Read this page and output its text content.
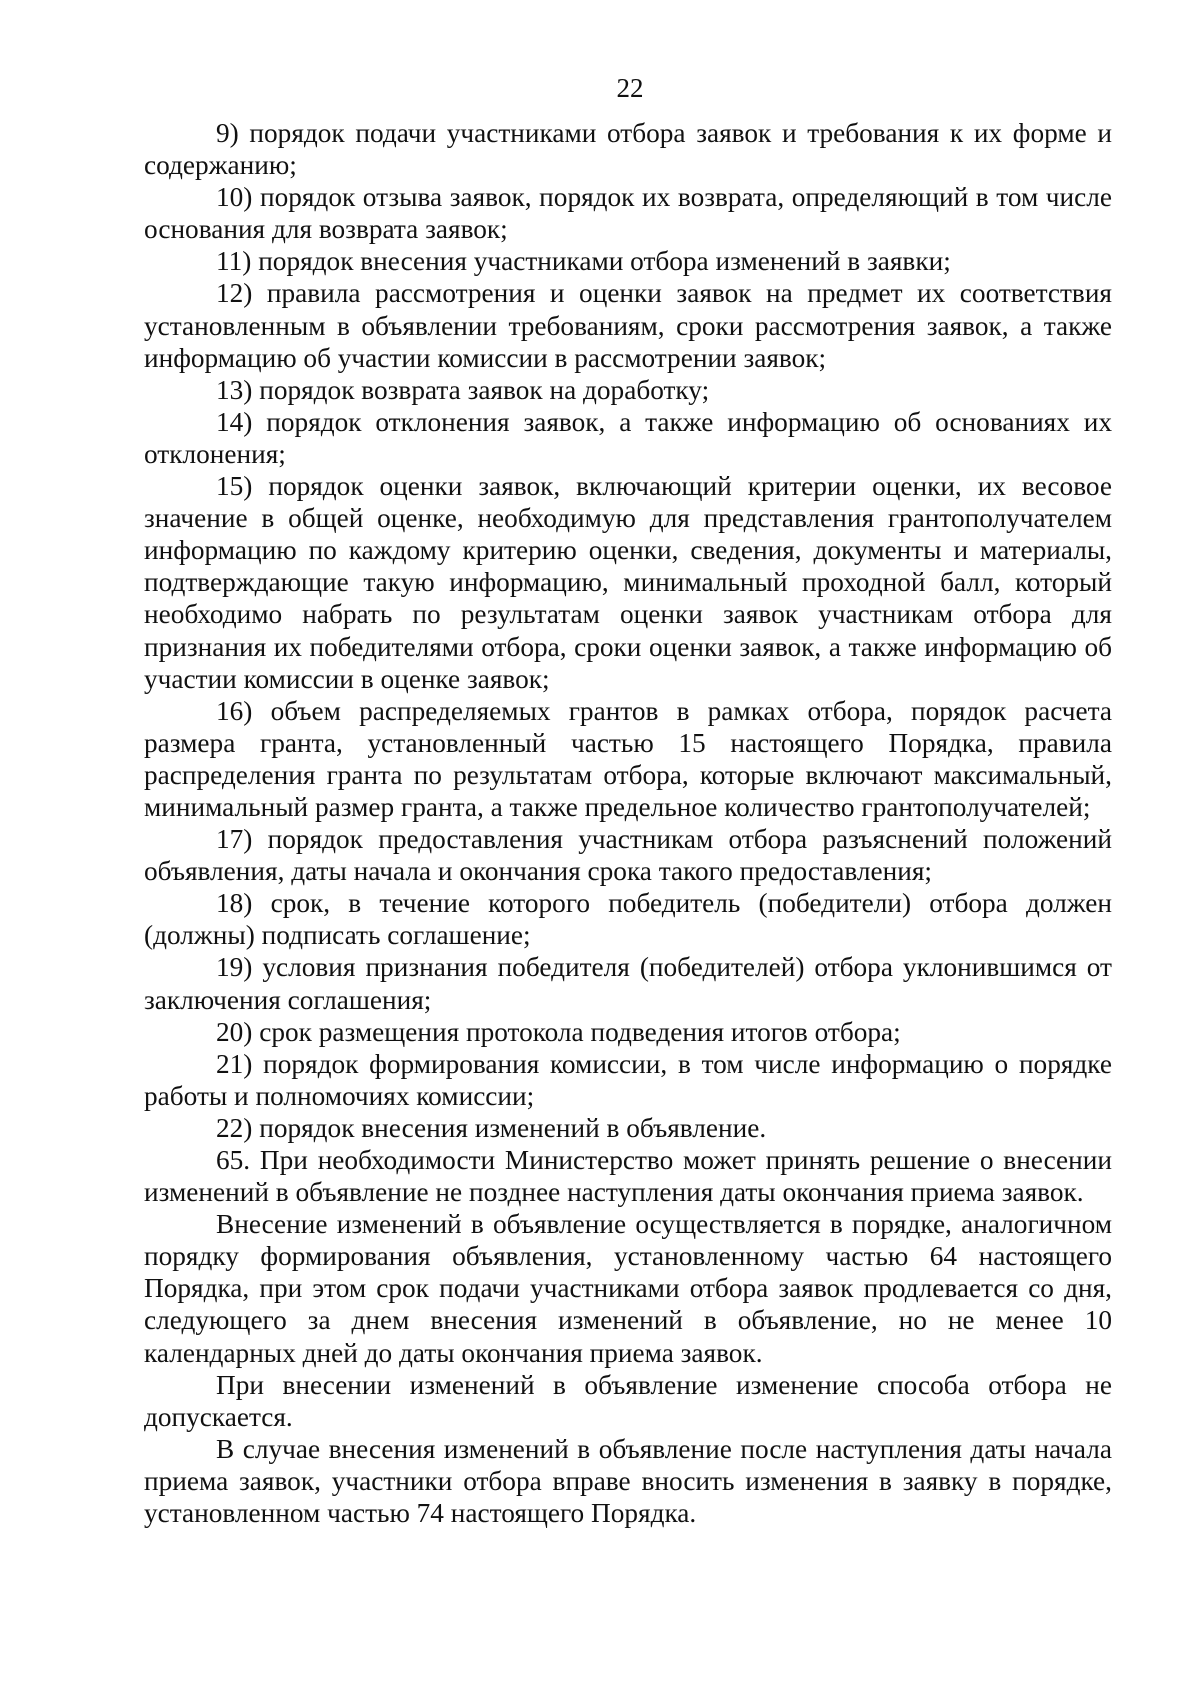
22

9) порядок подачи участниками отбора заявок и требования к их форме и содержанию;

10) порядок отзыва заявок, порядок их возврата, определяющий в том числе основания для возврата заявок;

11) порядок внесения участниками отбора изменений в заявки;

12) правила рассмотрения и оценки заявок на предмет их соответствия установленным в объявлении требованиям, сроки рассмотрения заявок, а также информацию об участии комиссии в рассмотрении заявок;

13) порядок возврата заявок на доработку;

14) порядок отклонения заявок, а также информацию об основаниях их отклонения;

15) порядок оценки заявок, включающий критерии оценки, их весовое значение в общей оценке, необходимую для представления грантополучателем информацию по каждому критерию оценки, сведения, документы и материалы, подтверждающие такую информацию, минимальный проходной балл, который необходимо набрать по результатам оценки заявок участникам отбора для признания их победителями отбора, сроки оценки заявок, а также информацию об участии комиссии в оценке заявок;

16) объем распределяемых грантов в рамках отбора, порядок расчета размера гранта, установленный частью 15 настоящего Порядка, правила распределения гранта по результатам отбора, которые включают максимальный, минимальный размер гранта, а также предельное количество грантополучателей;

17) порядок предоставления участникам отбора разъяснений положений объявления, даты начала и окончания срока такого предоставления;

18) срок, в течение которого победитель (победители) отбора должен (должны) подписать соглашение;

19) условия признания победителя (победителей) отбора уклонившимся от заключения соглашения;

20) срок размещения протокола подведения итогов отбора;

21) порядок формирования комиссии, в том числе информацию о порядке работы и полномочиях комиссии;

22) порядок внесения изменений в объявление.

65. При необходимости Министерство может принять решение о внесении изменений в объявление не позднее наступления даты окончания приема заявок.

Внесение изменений в объявление осуществляется в порядке, аналогичном порядку формирования объявления, установленному частью 64 настоящего Порядка, при этом срок подачи участниками отбора заявок продлевается со дня, следующего за днем внесения изменений в объявление, но не менее 10 календарных дней до даты окончания приема заявок.

При внесении изменений в объявление изменение способа отбора не допускается.

В случае внесения изменений в объявление после наступления даты начала приема заявок, участники отбора вправе вносить изменения в заявку в порядке, установленном частью 74 настоящего Порядка.
